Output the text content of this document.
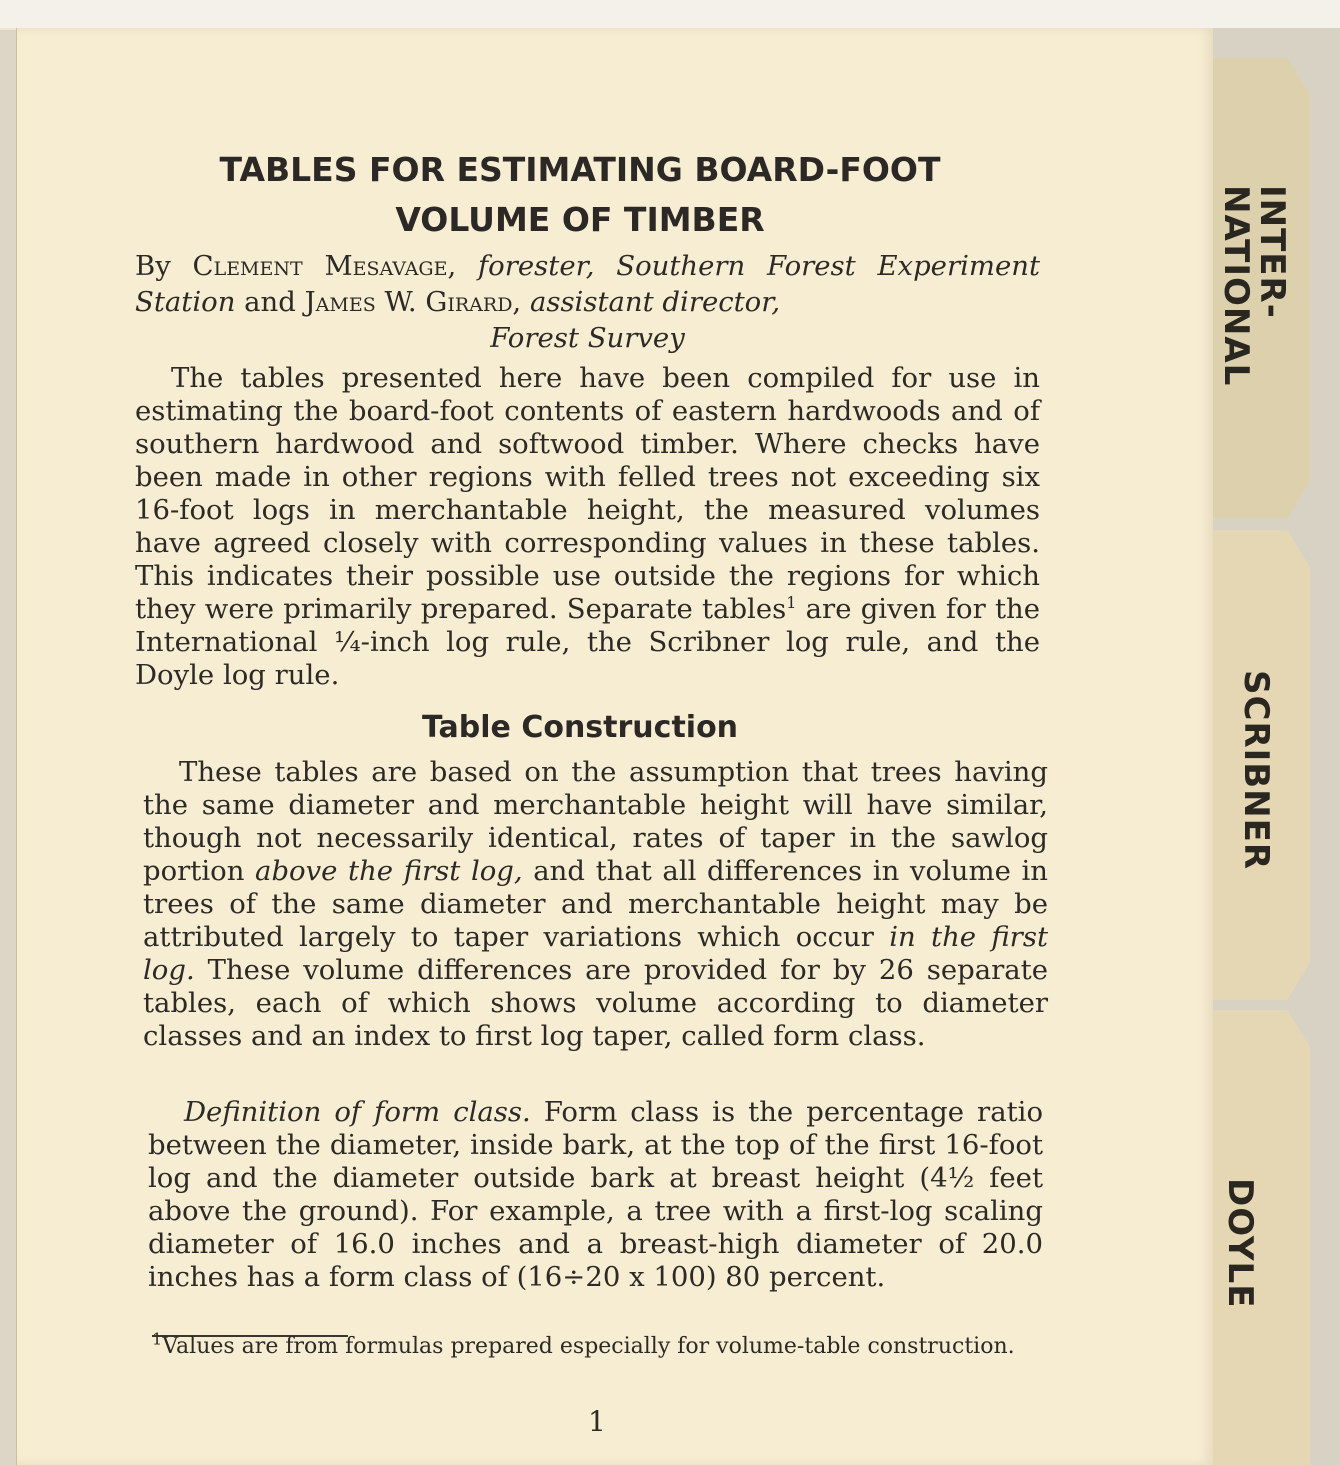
INTER-
NATIONAL
SCRIBNER
DOYLE
TABLES FOR ESTIMATING BOARD-FOOT
VOLUME OF TIMBER
By Clement Mesavage, forester, Southern Forest Experiment Station and James W. Girard, assistant director,
Forest Survey
The tables presented here have been compiled for use in estimating the board-foot contents of eastern hardwoods and of southern hardwood and softwood timber. Where checks have been made in other regions with felled trees not exceeding six 16-foot logs in merchantable height, the measured volumes have agreed closely with corresponding values in these tables. This indicates their possible use outside the regions for which they were primarily prepared. Separate tables$^1$ are given for the International ¼-inch log rule, the Scribner log rule, and the Doyle log rule.
Table Construction
These tables are based on the assumption that trees having the same diameter and merchantable height will have similar, though not necessarily identical, rates of taper in the sawlog portion above the first log, and that all differences in volume in trees of the same diameter and merchantable height may be attributed largely to taper variations which occur in the first log. These volume differences are provided for by 26 separate tables, each of which shows volume according to diameter classes and an index to first log taper, called form class.
Definition of form class. Form class is the percentage ratio between the diameter, inside bark, at the top of the first 16-foot log and the diameter outside bark at breast height (4½ feet above the ground). For example, a tree with a first-log scaling diameter of 16.0 inches and a breast-high diameter of 20.0 inches has a form class of (16÷20 x 100) 80 percent.
$^1$Values are from formulas prepared especially for volume-table construction.
1
